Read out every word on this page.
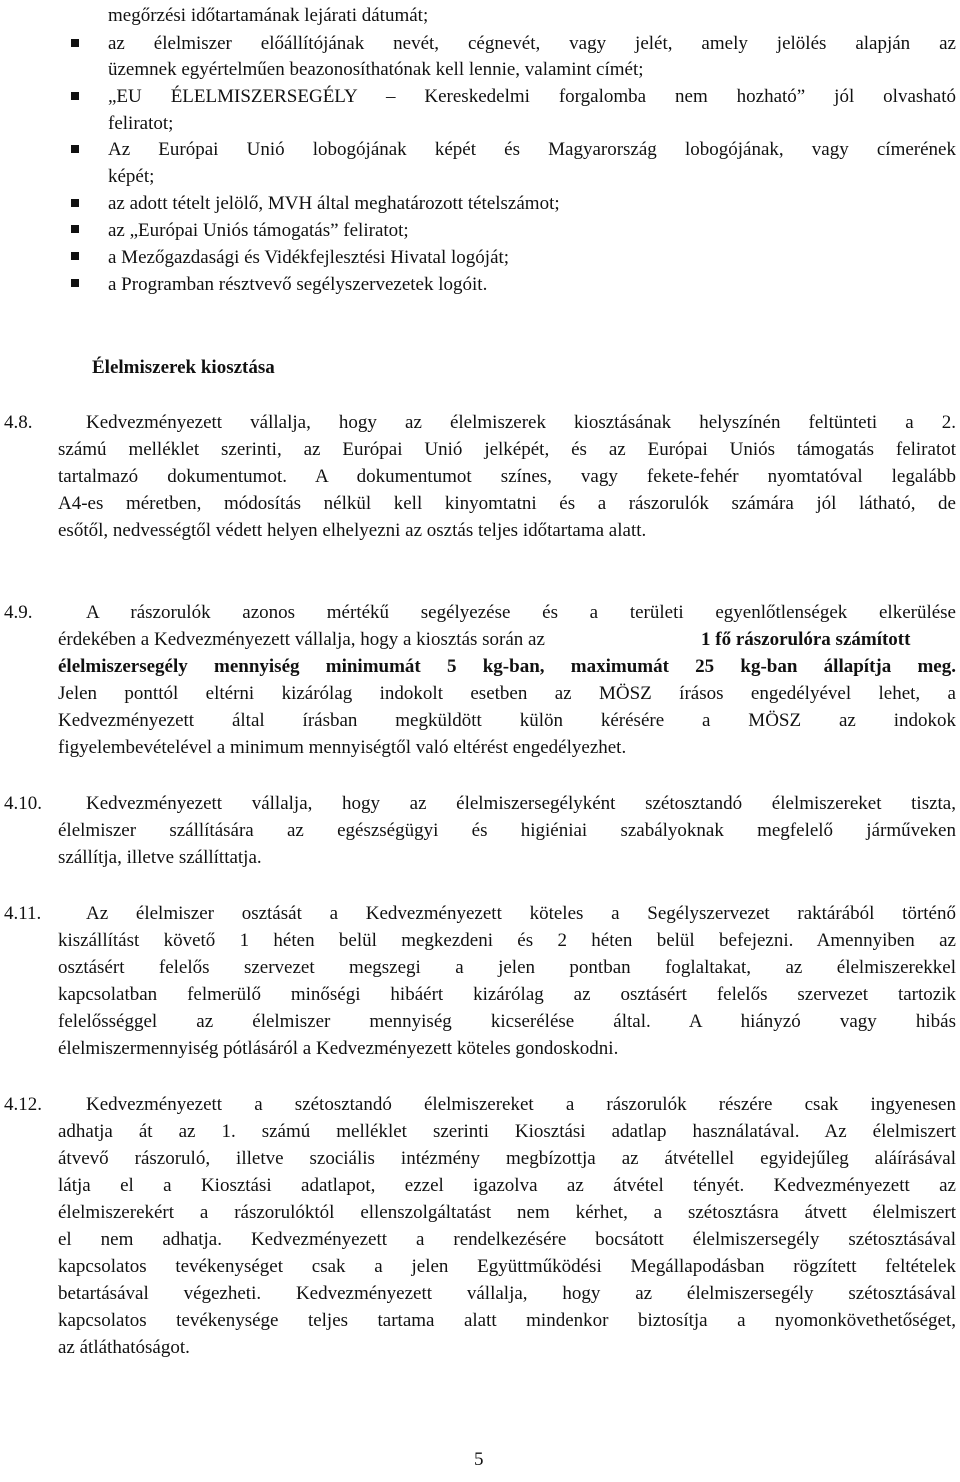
megőrzési időtartamának lejárati dátumát;
az élelmiszer előállítójának nevét, cégnevét, vagy jelét, amely jelölés alapján az
üzemnek egyértelműen beazonosíthatónak kell lennie, valamint címét;
„EU ÉLELMISZERSEGÉLY – Kereskedelmi forgalomba nem hozható” jól olvasható
feliratot;
Az Európai Unió lobogójának képét és Magyarország lobogójának, vagy címerének
képét;
az adott tételt jelölő, MVH által meghatározott tételszámot;
az „Európai Uniós támogatás” feliratot;
a Mezőgazdasági és Vidékfejlesztési Hivatal logóját;
a Programban résztvevő segélyszervezetek logóit.
Élelmiszerek kiosztása
4.8.	Kedvezményezett vállalja, hogy az élelmiszerek kiosztásának helyszínén feltünteti a 2.
számú melléklet szerinti, az Európai Unió jelképét, és az Európai Uniós támogatás feliratot
tartalmazó dokumentumot. A dokumentumot színes, vagy fekete-fehér nyomtatóval legalább
A4-es méretben, módosítás nélkül kell kinyomtatni és a rászorulók számára jól látható, de
esőtől, nedvességtől védett helyen elhelyezni az osztás teljes időtartama alatt.
4.9.	A rászorulók azonos mértékű segélyezése és a területi egyenlőtlenségek elkerülése
érdekében a Kedvezményezett vállalja, hogy a kiosztás során az	1 fő rászorulóra számított
élelmiszersegély mennyiség minimumát 5 kg-ban, maximumát 25 kg-ban állapítja meg.
Jelen ponttól eltérni kizárólag indokolt esetben az MÖSZ írásos engedélyével lehet, a
Kedvezményezett által írásban megküldött külön kérésére a MÖSZ az indokok
figyelembevételével a minimum mennyiségtől való eltérést engedélyezhet.
4.10. Kedvezményezett vállalja, hogy az élelmiszersegélyként szétosztandó élelmiszereket tiszta,
élelmiszer szállítására az egészségügyi és higiéniai szabályoknak megfelelő járműveken
szállítja, illetve szállíttatja.
4.11. Az élelmiszer osztását a Kedvezményezett köteles a Segélyszervezet raktárából történő
kiszállítást követő 1 héten belül megkezdeni és 2 héten belül befejezni. Amennyiben az
osztásért felelős szervezet megszegi a jelen pontban foglaltakat, az élelmiszerekkel
kapcsolatban felmerülő minőségi hibáért kizárólag az osztásért felelős szervezet tartozik
felelősséggel az élelmiszer mennyiség kicserélése által. A hiányzó vagy hibás
élelmiszermennyiség pótlásáról a Kedvezményezett köteles gondoskodni.
4.12. Kedvezményezett a szétosztandó élelmiszereket a rászorulók részére csak ingyenesen
adhatja át az 1. számú melléklet szerinti Kiosztási adatlap használatával. Az élelmiszert
átvevő rászoruló, illetve szociális intézmény megbízottja az átvétellel egyidejűleg aláírásával
látja el a Kiosztási adatlapot, ezzel igazolva az átvétel tényét. Kedvezményezett az
élelmiszerekért a rászorulóktól ellenszolgáltatást nem kérhet, a szétosztásra átvett élelmiszert
el nem adhatja. Kedvezményezett a rendelkezésére bocsátott élelmiszersegély szétosztásával
kapcsolatos tevékenységet csak a jelen Együttműködési Megállapodásban rögzített feltételek
betartásával végezheti. Kedvezményezett vállalja, hogy az élelmiszersegély szétosztásával
kapcsolatos tevékenysége teljes tartama alatt mindenkor biztosítja a nyomonkövethetőséget,
az átláthatóságot.
5
